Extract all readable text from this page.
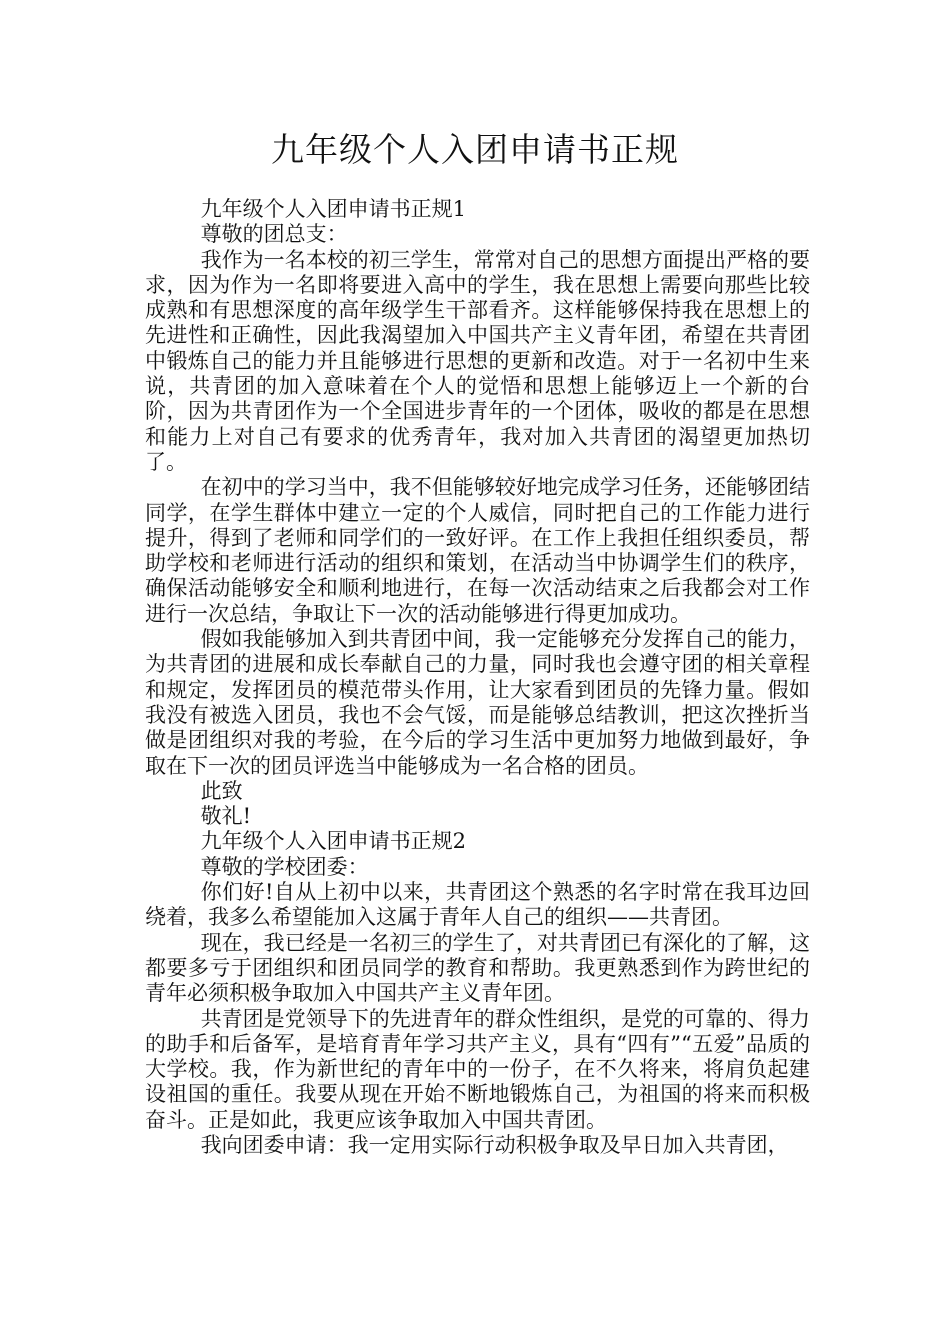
九年级个人入团申请书正规

九年级个人入团申请书正规1

尊敬的团总支：

我作为一名本校的初三学生，常常对自己的思想方面提出严格的要求，因为作为一名即将要进入高中的学生，我在思想上需要向那些比较成熟和有思想深度的高年级学生干部看齐。这样能够保持我在思想上的先进性和正确性，因此我渴望加入中国共产主义青年团，希望在共青团中锻炼自己的能力并且能够进行思想的更新和改造。对于一名初中生来说，共青团的加入意味着在个人的觉悟和思想上能够迈上一个新的台阶，因为共青团作为一个全国进步青年的一个团体，吸收的都是在思想和能力上对自己有要求的优秀青年，我对加入共青团的渴望更加热切了。

在初中的学习当中，我不但能够较好地完成学习任务，还能够团结同学，在学生群体中建立一定的个人威信，同时把自己的工作能力进行提升，得到了老师和同学们的一致好评。在工作上我担任组织委员，帮助学校和老师进行活动的组织和策划，在活动当中协调学生们的秩序，确保活动能够安全和顺利地进行，在每一次活动结束之后我都会对工作进行一次总结，争取让下一次的活动能够进行得更加成功。

假如我能够加入到共青团中间，我一定能够充分发挥自己的能力，为共青团的进展和成长奉献自己的力量，同时我也会遵守团的相关章程和规定，发挥团员的模范带头作用，让大家看到团员的先锋力量。假如我没有被选入团员，我也不会气馁，而是能够总结教训，把这次挫折当做是团组织对我的考验，在今后的学习生活中更加努力地做到最好，争取在下一次的团员评选当中能够成为一名合格的团员。

此致

敬礼!

九年级个人入团申请书正规2

尊敬的学校团委：

你们好!自从上初中以来，共青团这个熟悉的名字时常在我耳边回绕着，我多么希望能加入这属于青年人自己的组织——共青团。

现在，我已经是一名初三的学生了，对共青团已有深化的了解，这都要多亏于团组织和团员同学的教育和帮助。我更熟悉到作为跨世纪的青年必须积极争取加入中国共产主义青年团。

共青团是党领导下的先进青年的群众性组织，是党的可靠的、得力的助手和后备军，是培育青年学习共产主义，具有“四有”“五爱”品质的大学校。我，作为新世纪的青年中的一份子，在不久将来，将肩负起建设祖国的重任。我要从现在开始不断地锻炼自己，为祖国的将来而积极奋斗。正是如此，我更应该争取加入中国共青团。

我向团委申请：我一定用实际行动积极争取及早日加入共青团，
